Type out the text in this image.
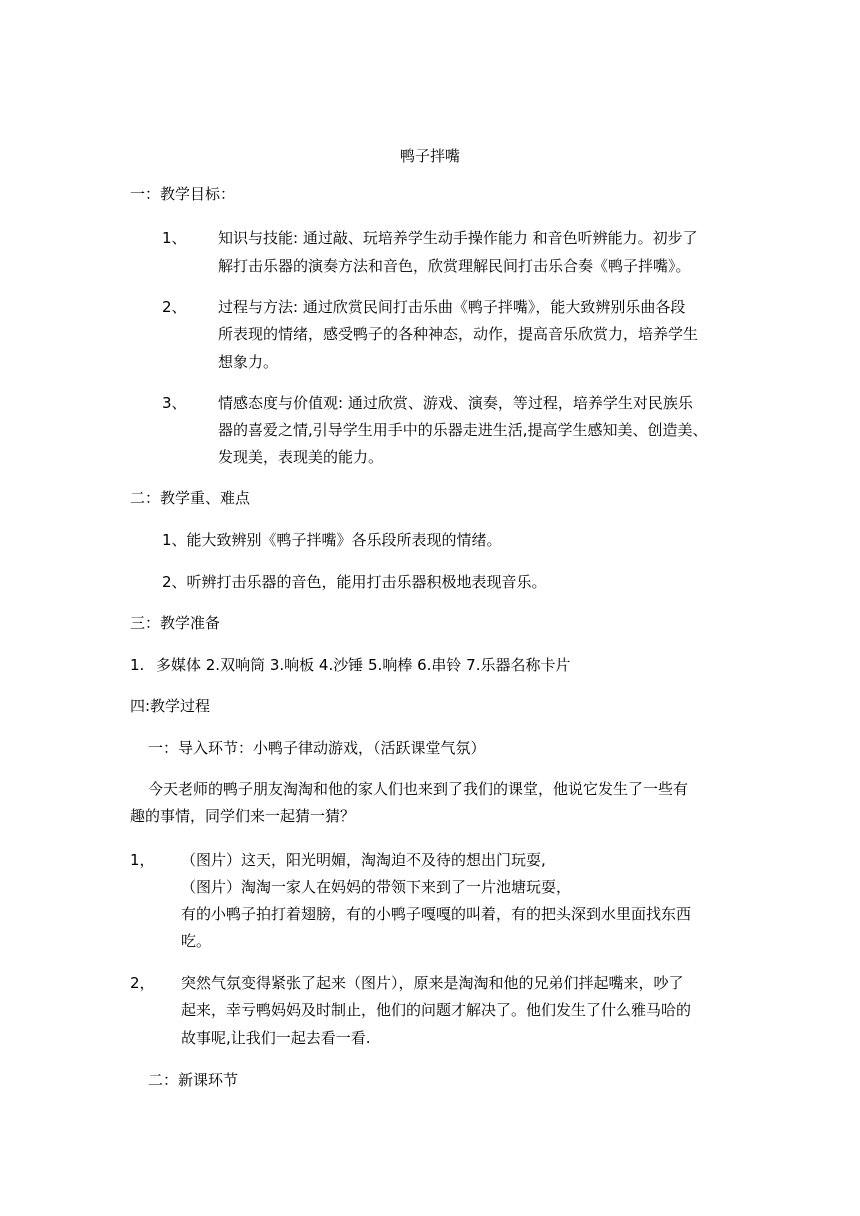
鸭子拌嘴
一：教学目标：
1、 知识与技能: 通过敲、玩培养学生动手操作能力 和音色听辨能力。初步了
解打击乐器的演奏方法和音色，欣赏理解民间打击乐合奏《鸭子拌嘴》。
2、 过程与方法: 通过欣赏民间打击乐曲《鸭子拌嘴》，能大致辨别乐曲各段
所表现的情绪，感受鸭子的各种神态，动作，提高音乐欣赏力，培养学生
想象力。
3、 情感态度与价值观: 通过欣赏、游戏、演奏，等过程，培养学生对民族乐
器的喜爱之情,引导学生用手中的乐器走进生活,提高学生感知美、创造美、
发现美，表现美的能力。
二：教学重、难点
1、能大致辨别《鸭子拌嘴》各乐段所表现的情绪。
2、听辨打击乐器的音色，能用打击乐器积极地表现音乐。
三：教学准备
1. 多媒体 2.双响筒 3.响板 4.沙锤 5.响棒 6.串铃 7.乐器名称卡片
四:教学过程
一：导入环节：小鸭子律动游戏，（活跃课堂气氛）
今天老师的鸭子朋友淘淘和他的家人们也来到了我们的课堂，他说它发生了一些有
趣的事情，同学们来一起猜一猜？
1， （图片）这天，阳光明媚，淘淘迫不及待的想出门玩耍,
（图片）淘淘一家人在妈妈的带领下来到了一片池塘玩耍，
有的小鸭子拍打着翅膀，有的小鸭子嘎嘎的叫着，有的把头深到水里面找东西
吃。
2， 突然气氛变得紧张了起来（图片），原来是淘淘和他的兄弟们拌起嘴来，吵了
起来，幸亏鸭妈妈及时制止，他们的问题才解决了。他们发生了什么雅马哈的
故事呢,让我们一起去看一看.
二：新课环节
